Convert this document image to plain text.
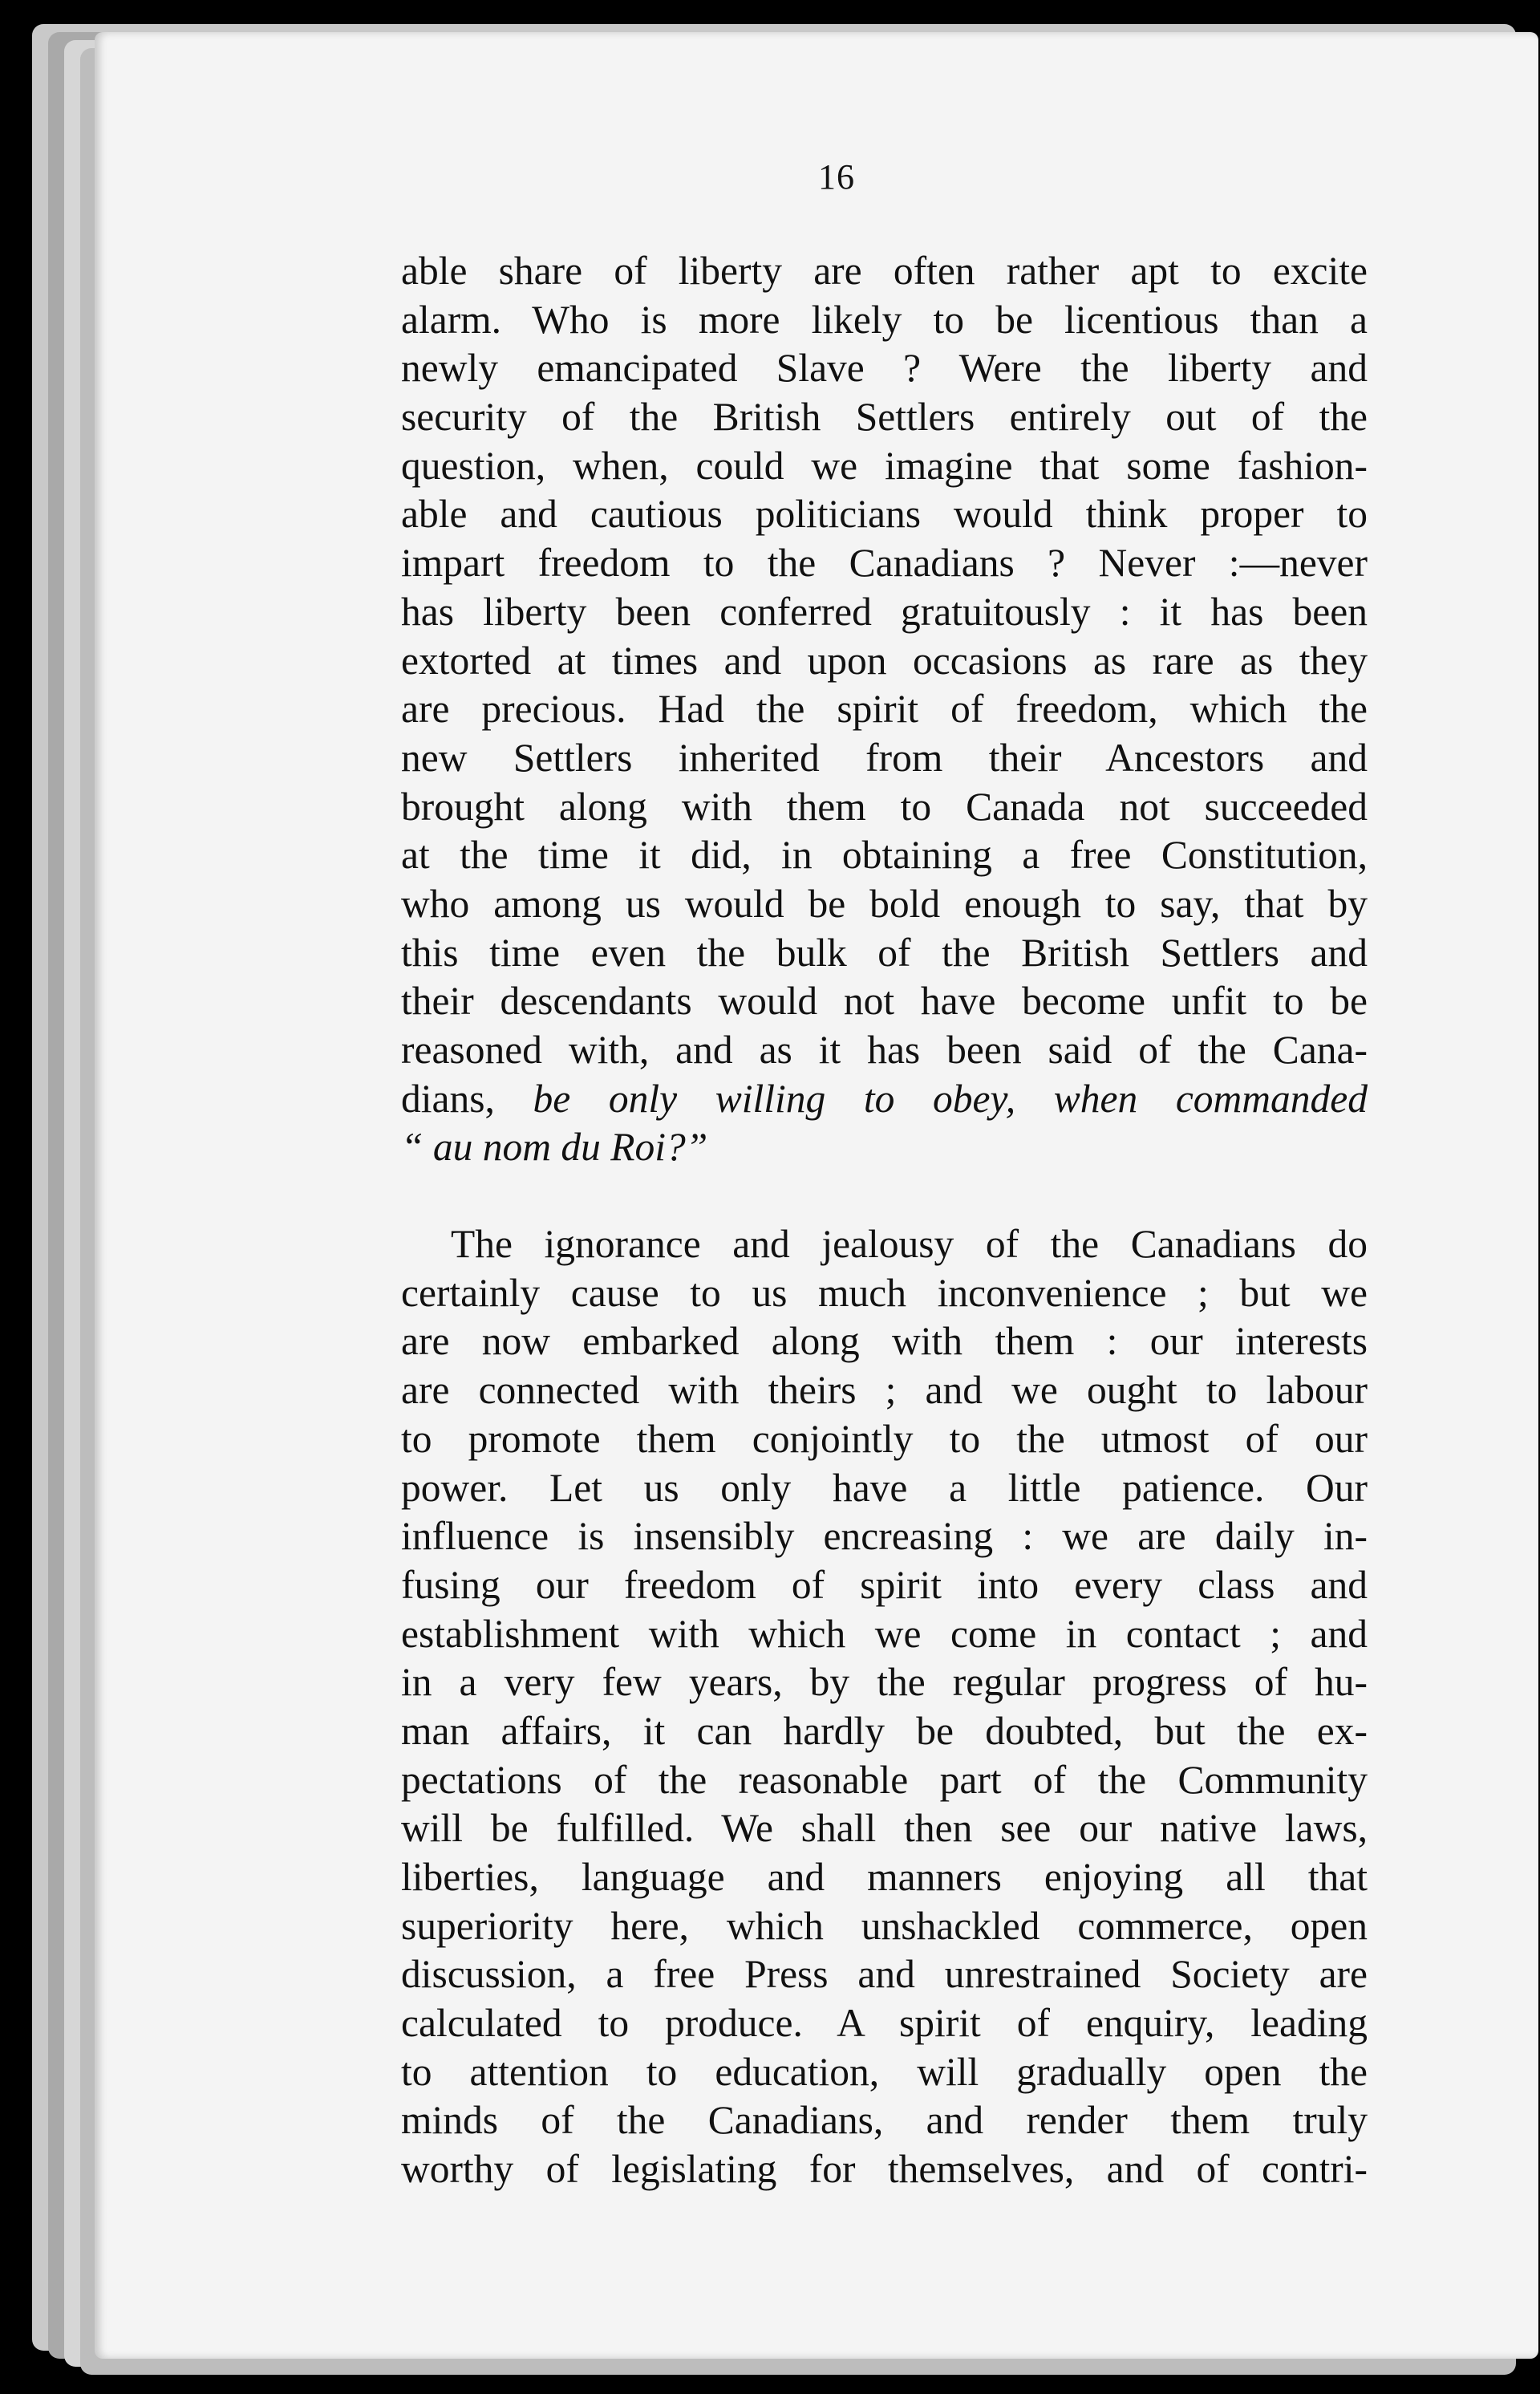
16

able share of liberty are often rather apt to excite
alarm. Who is more likely to be licentious than a
newly emancipated Slave ? Were the liberty and
security of the British Settlers entirely out of the
question, when, could we imagine that some fashion-
able and cautious politicians would think proper to
impart freedom to the Canadians ? Never :—never
has liberty been conferred gratuitously : it has been
extorted at times and upon occasions as rare as they
are precious. Had the spirit of freedom, which the
new Settlers inherited from their Ancestors and
brought along with them to Canada not succeeded
at the time it did, in obtaining a free Constitution,
who among us would be bold enough to say, that by
this time even the bulk of the British Settlers and
their descendants would not have become unfit to be
reasoned with, and as it has been said of the Cana-
dians, be only willing to obey, when commanded
“ au nom du Roi?”

The ignorance and jealousy of the Canadians do
certainly cause to us much inconvenience ; but we
are now embarked along with them : our interests
are connected with theirs ; and we ought to labour
to promote them conjointly to the utmost of our
power. Let us only have a little patience. Our
influence is insensibly encreasing : we are daily in-
fusing our freedom of spirit into every class and
establishment with which we come in contact ; and
in a very few years, by the regular progress of hu-
man affairs, it can hardly be doubted, but the ex-
pectations of the reasonable part of the Community
will be fulfilled. We shall then see our native laws,
liberties, language and manners enjoying all that
superiority here, which unshackled commerce, open
discussion, a free Press and unrestrained Society are
calculated to produce. A spirit of enquiry, leading
to attention to education, will gradually open the
minds of the Canadians, and render them truly
worthy of legislating for themselves, and of contri-
